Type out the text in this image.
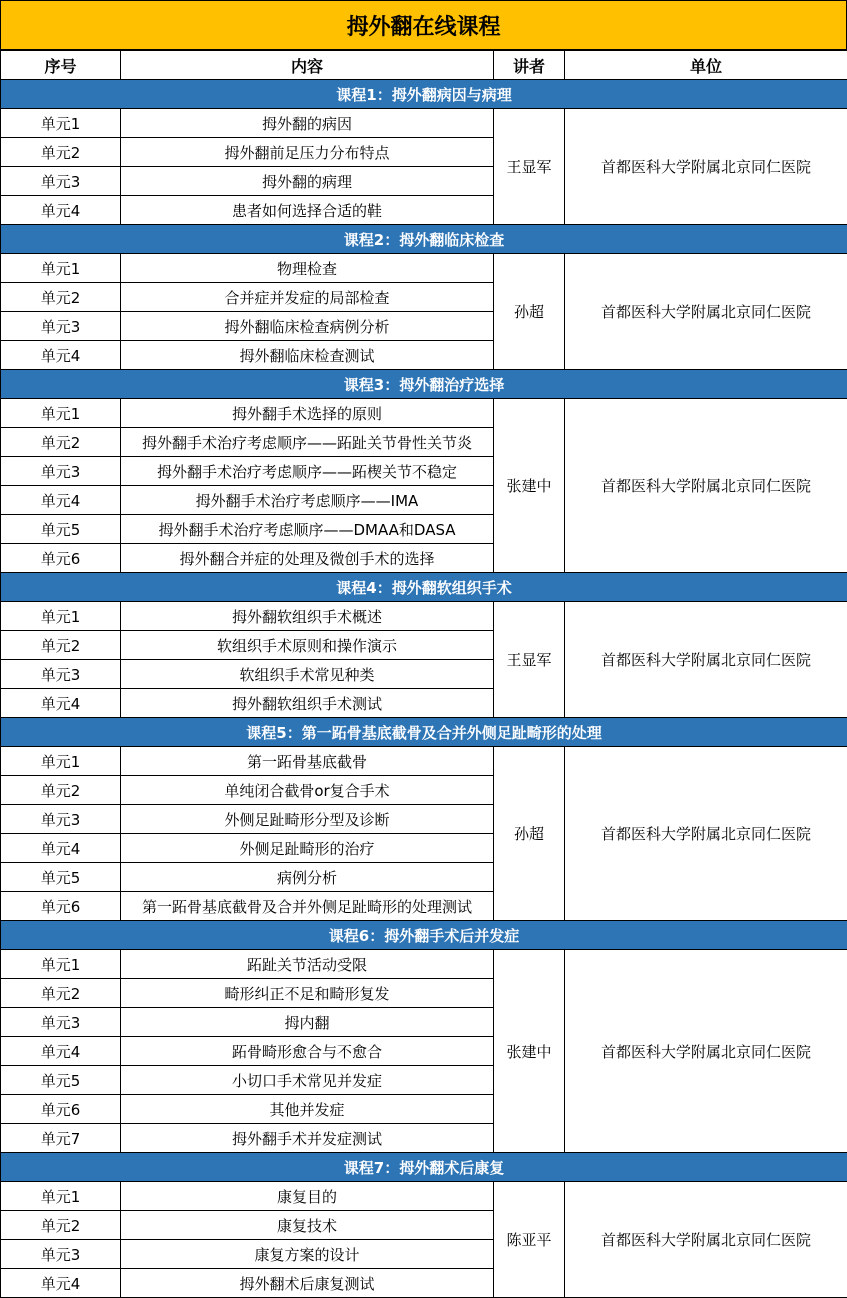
拇外翻在线课程
序号	内容	讲者	单位
课程1：拇外翻病因与病理			
单元1	拇外翻的病因	王显军	首都医科大学附属北京同仁医院
单元2	拇外翻前足压力分布特点		
单元3	拇外翻的病理		
单元4	患者如何选择合适的鞋		
课程2：拇外翻临床检查			
单元1	物理检查	孙超	首都医科大学附属北京同仁医院
单元2	合并症并发症的局部检查		
单元3	拇外翻临床检查病例分析		
单元4	拇外翻临床检查测试		
课程3：拇外翻治疗选择			
单元1	拇外翻手术选择的原则	张建中	首都医科大学附属北京同仁医院
单元2	拇外翻手术治疗考虑顺序——跖趾关节骨性关节炎		
单元3	拇外翻手术治疗考虑顺序——跖楔关节不稳定		
单元4	拇外翻手术治疗考虑顺序——IMA		
单元5	拇外翻手术治疗考虑顺序——DMAA和DASA		
单元6	拇外翻合并症的处理及微创手术的选择		
课程4：拇外翻软组织手术			
单元1	拇外翻软组织手术概述	王显军	首都医科大学附属北京同仁医院
单元2	软组织手术原则和操作演示		
单元3	软组织手术常见种类		
单元4	拇外翻软组织手术测试		
课程5：第一跖骨基底截骨及合并外侧足趾畸形的处理			
单元1	第一跖骨基底截骨	孙超	首都医科大学附属北京同仁医院
单元2	单纯闭合截骨or复合手术		
单元3	外侧足趾畸形分型及诊断		
单元4	外侧足趾畸形的治疗		
单元5	病例分析		
单元6	第一跖骨基底截骨及合并外侧足趾畸形的处理测试		
课程6：拇外翻手术后并发症			
单元1	跖趾关节活动受限	张建中	首都医科大学附属北京同仁医院
单元2	畸形纠正不足和畸形复发		
单元3	拇内翻		
单元4	跖骨畸形愈合与不愈合		
单元5	小切口手术常见并发症		
单元6	其他并发症		
单元7	拇外翻手术并发症测试		
课程7：拇外翻术后康复			
单元1	康复目的	陈亚平	首都医科大学附属北京同仁医院
单元2	康复技术		
单元3	康复方案的设计		
单元4	拇外翻术后康复测试		
